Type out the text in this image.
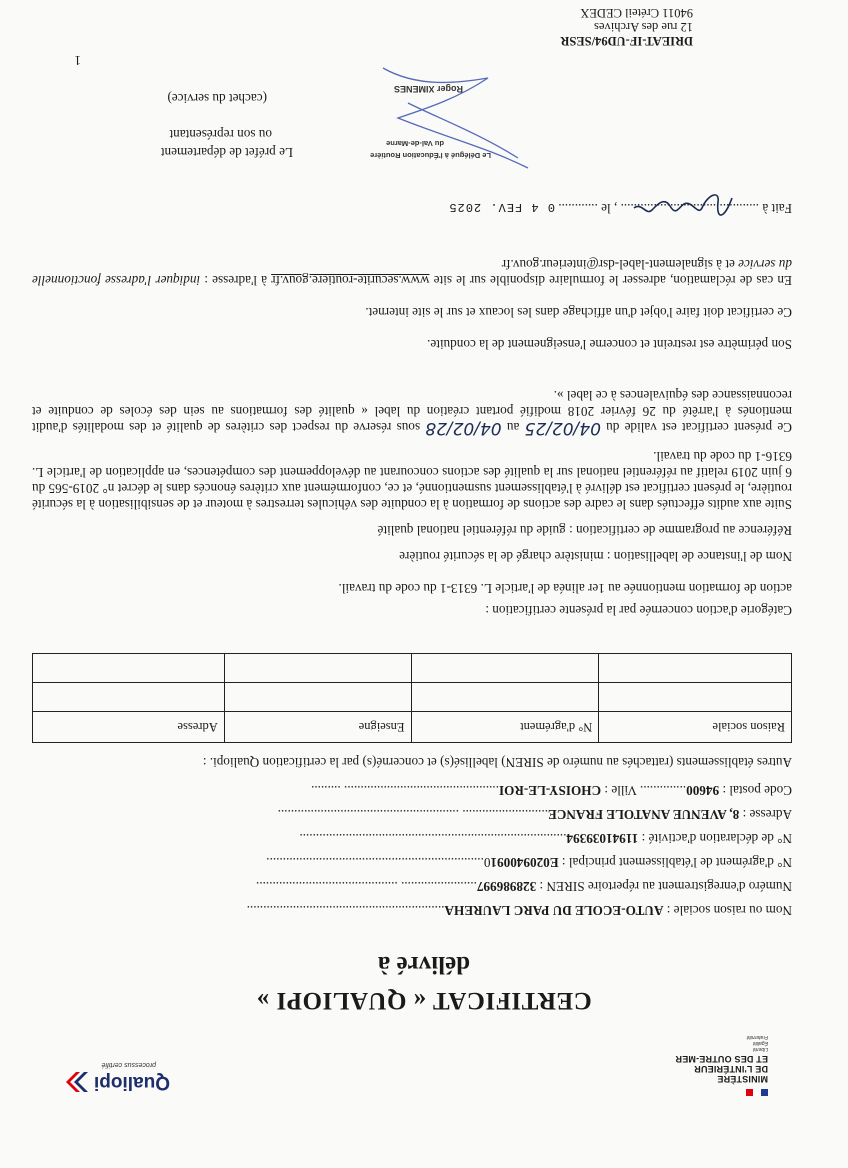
MINISTÈRE
DE L'INTÉRIEUR
ET DES OUTRE-MER
Liberté
Égalité
Fraternité
Qualiopi
processus certifié
CERTIFICAT « QUALIOPI »
délivré à
Nom ou raison sociale : AUTO-ECOLE DU PARC LAUREHA............................................................
Numéro d'enregistrement au répertoire SIREN : 328986997....................... ...........................................
N° d'agrément de l'établissement principal : E0209400910..................................................................
N° de déclaration d'activité : 11941039394.................................................................................
Adresse : 8, AVENUE ANATOLE FRANCE.......................... .......................................................
Code postal : 94600.............. Ville : CHOISY-LE-ROI............................................... .........
Autres établissements (rattachés au numéro de SIREN) labellisé(s) et concerné(s) par la certification Qualiopi. :
Raison sociale	N° d'agrément	Enseigne	Adresse

Catégorie d'action concernée par la présente certification :
action de formation mentionnée au 1er alinéa de l'article L. 6313-1 du code du travail.
Nom de l'instance de labellisation : ministère chargé de la sécurité routière
Référence au programme de certification : guide du référentiel national qualité
Suite aux audits effectués dans le cadre des actions de formation à la conduite des véhicules terrestres à moteur et de sensibilisation à la sécurité routière, le présent certificat est délivré à l'établissement susmentionné, et ce, conformément aux critères énoncés dans le décret n° 2019-565 du 6 juin 2019 relatif au référentiel national sur la qualité des actions concourant au développement des compétences, en application de l'article L. 6316-1 du code du travail.
Ce présent certificat est valide du 04/02/25 au 04/02/28 sous réserve du respect des critères de qualité et des modalités d'audit mentionés à l'arrêté du 26 février 2018 modifié portant création du label « qualité des formations au sein des écoles de conduite et reconnaissance des équivalences à ce label ».
Son périmètre est restreint et concerne l'enseignement de la conduite.
Ce certificat doit faire l'objet d'un affichage dans les locaux et sur le site internet.
En cas de réclamation, adresser le formulaire disponible sur le site www.securite-routiere.gouv.fr à l'adresse : indiquer l'adresse fonctionnelle du service et à signalement-label-dsr@interieur.gouv.fr
Fait à .......................................... , le ............ 0 4 FEV. 2025
Le préfet de département
ou son représentant
(cachet du service)
Le Délégué à l'Éducation Routière
du Val-de-Marne
Roger XIMENES
DRIEAT-IF-UD94/SESR
12 rue des Archives
94011 Créteil CEDEX
1
